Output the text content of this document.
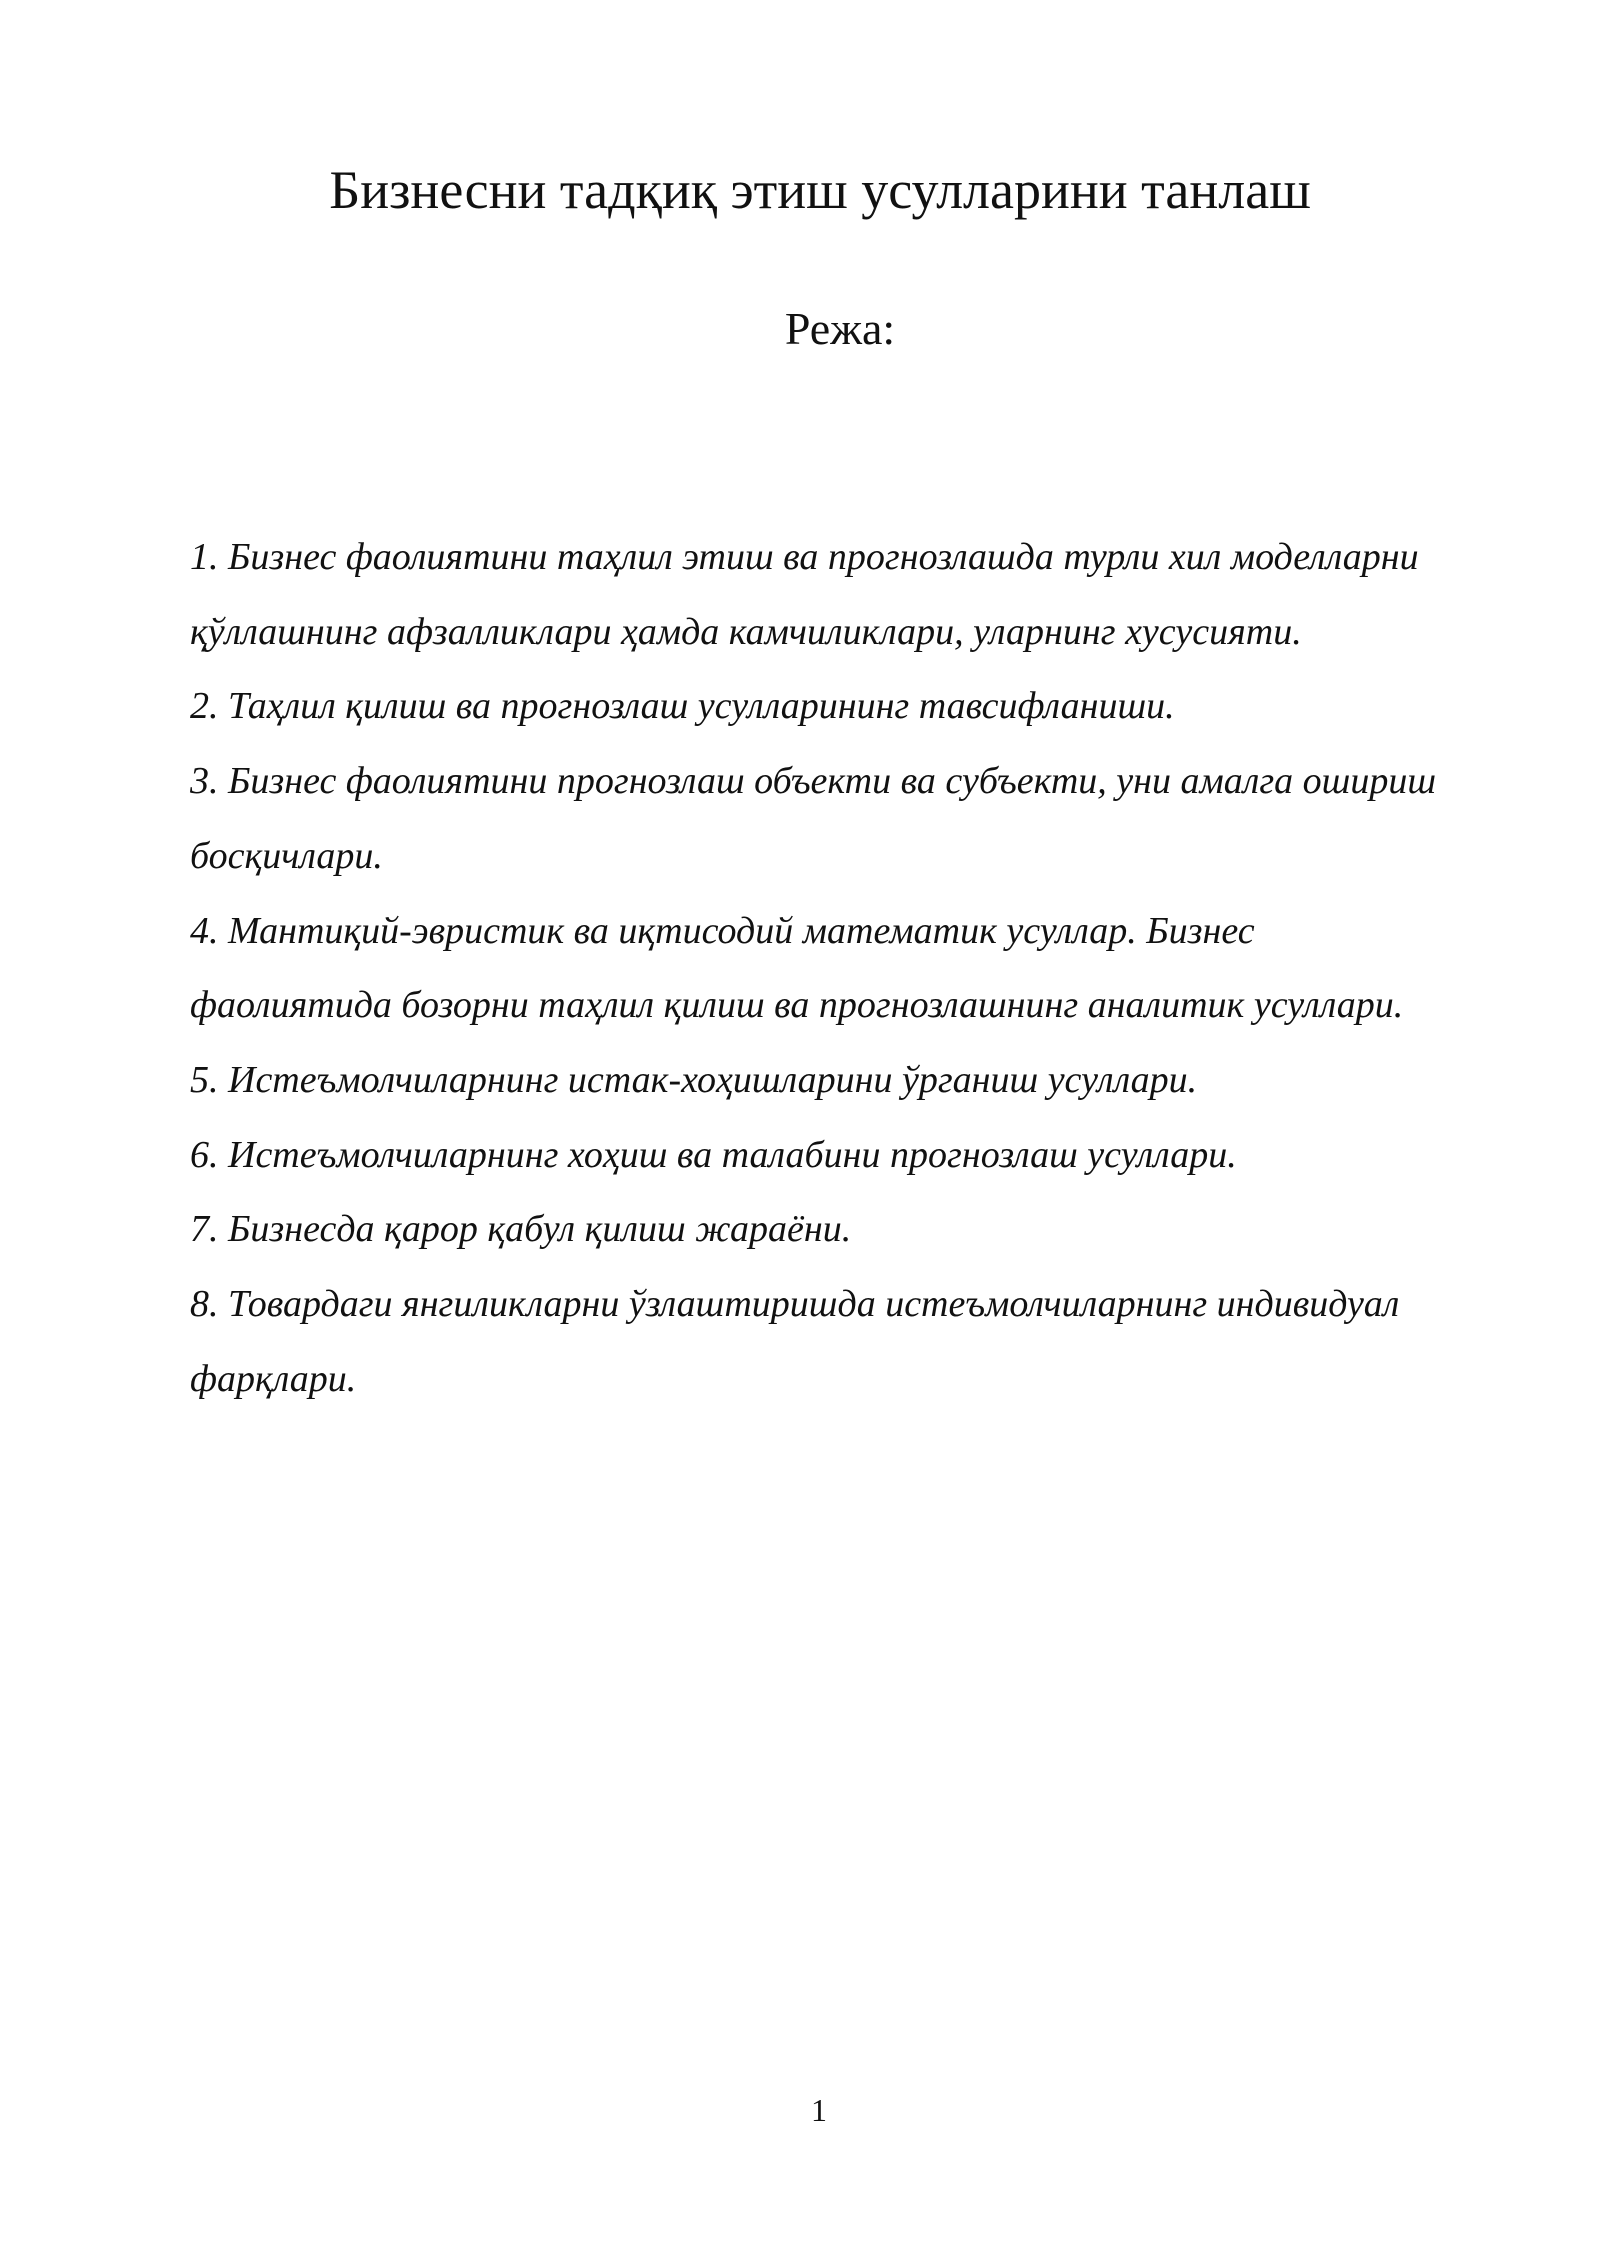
Бизнесни тадқиқ этиш усулларини танлаш
Режа:
1. Бизнес фаолиятини таҳлил этиш ва прогнозлашда турли хил моделларни қўллашнинг афзалликлари ҳамда камчиликлари, уларнинг хусусияти.
2. Таҳлил қилиш ва прогнозлаш усулларининг тавсифланиши.
3. Бизнес фаолиятини прогнозлаш объекти ва субъекти, уни амалга ошириш босқичлари.
4. Мантиқий-эвристик ва иқтисодий математик усуллар. Бизнес фаолиятида бозорни таҳлил қилиш ва прогнозлашнинг аналитик усуллари.
5. Истеъмолчиларнинг истак-хоҳишларини ўрганиш усуллари.
6. Истеъмолчиларнинг хоҳиш ва талабини прогнозлаш усуллари.
7. Бизнесда қарор қабул қилиш жараёни.
8. Товардаги янгиликларни ўзлаштиришда истеъмолчиларнинг индивидуал фарқлари.
1
